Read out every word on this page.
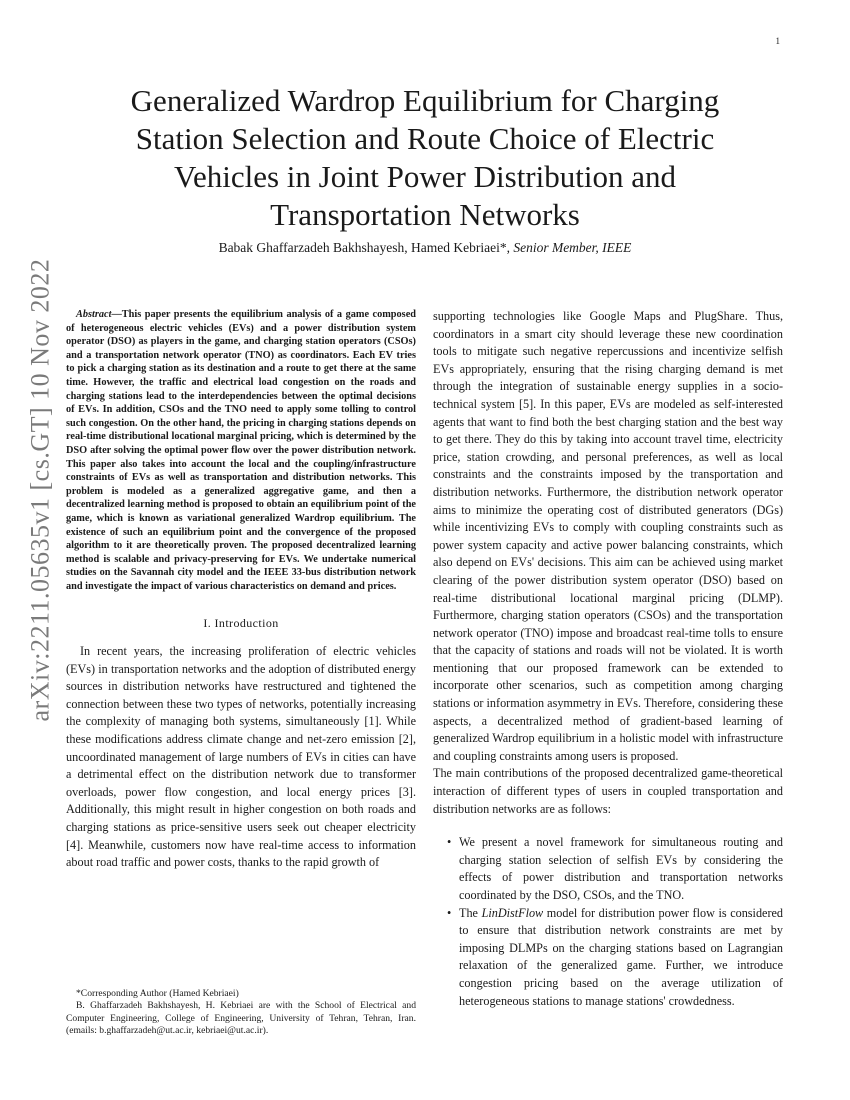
1
arXiv:2211.05635v1 [cs.GT] 10 Nov 2022
Generalized Wardrop Equilibrium for Charging
Station Selection and Route Choice of Electric
Vehicles in Joint Power Distribution and
Transportation Networks
Babak Ghaffarzadeh Bakhshayesh, Hamed Kebriaei*, Senior Member, IEEE

Abstract—This paper presents the equilibrium analysis of a game composed of heterogeneous electric vehicles (EVs) and a power distribution system operator (DSO) as players in the game, and charging station operators (CSOs) and a transportation network operator (TNO) as coordinators. Each EV tries to pick a charging station as its destination and a route to get there at the same time. However, the traffic and electrical load congestion on the roads and charging stations lead to the interdependencies between the optimal decisions of EVs. In addition, CSOs and the TNO need to apply some tolling to control such congestion. On the other hand, the pricing in charging stations depends on real-time distributional locational marginal pricing, which is determined by the DSO after solving the optimal power flow over the power distribution network. This paper also takes into account the local and the coupling/infrastructure constraints of EVs as well as transportation and distribution networks. This problem is modeled as a generalized aggregative game, and then a decentralized learning method is proposed to obtain an equilibrium point of the game, which is known as variational generalized Wardrop equilibrium. The existence of such an equilibrium point and the convergence of the proposed algorithm to it are theoretically proven. The proposed decentralized learning method is scalable and privacy-preserving for EVs. We undertake numerical studies on the Savannah city model and the IEEE 33-bus distribution network and investigate the impact of various characteristics on demand and prices.

I. Introduction

In recent years, the increasing proliferation of electric vehicles (EVs) in transportation networks and the adoption of distributed energy sources in distribution networks have restructured and tightened the connection between these two types of networks, potentially increasing the complexity of managing both systems, simultaneously [1]. While these modifications address climate change and net-zero emission [2], uncoordinated management of large numbers of EVs in cities can have a detrimental effect on the distribution network due to transformer overloads, power flow congestion, and local energy prices [3]. Additionally, this might result in higher congestion on both roads and charging stations as price-sensitive users seek out cheaper electricity [4]. Meanwhile, customers now have real-time access to information about road traffic and power costs, thanks to the rapid growth of

*Corresponding Author (Hamed Kebriaei)

B. Ghaffarzadeh Bakhshayesh, H. Kebriaei are with the School of Electrical and Computer Engineering, College of Engineering, University of Tehran, Tehran, Iran. (emails: b.ghaffarzadeh@ut.ac.ir, kebriaei@ut.ac.ir).

supporting technologies like Google Maps and PlugShare. Thus, coordinators in a smart city should leverage these new coordination tools to mitigate such negative repercussions and incentivize selfish EVs appropriately, ensuring that the rising charging demand is met through the integration of sustainable energy supplies in a socio-technical system [5]. In this paper, EVs are modeled as self-interested agents that want to find both the best charging station and the best way to get there. They do this by taking into account travel time, electricity price, station crowding, and personal preferences, as well as local constraints and the constraints imposed by the transportation and distribution networks. Furthermore, the distribution network operator aims to minimize the operating cost of distributed generators (DGs) while incentivizing EVs to comply with coupling constraints such as power system capacity and active power balancing constraints, which also depend on EVs' decisions. This aim can be achieved using market clearing of the power distribution system operator (DSO) based on real-time distributional locational marginal pricing (DLMP). Furthermore, charging station operators (CSOs) and the transportation network operator (TNO) impose and broadcast real-time tolls to ensure that the capacity of stations and roads will not be violated. It is worth mentioning that our proposed framework can be extended to incorporate other scenarios, such as competition among charging stations or information asymmetry in EVs. Therefore, considering these aspects, a decentralized method of gradient-based learning of generalized Wardrop equilibrium in a holistic model with infrastructure and coupling constraints among users is proposed.

The main contributions of the proposed decentralized game-theoretical interaction of different types of users in coupled transportation and distribution networks are as follows:

• We present a novel framework for simultaneous routing and charging station selection of selfish EVs by considering the effects of power distribution and transportation networks coordinated by the DSO, CSOs, and the TNO.
• The LinDistFlow model for distribution power flow is considered to ensure that distribution network constraints are met by imposing DLMPs on the charging stations based on Lagrangian relaxation of the generalized game. Further, we introduce congestion pricing based on the average utilization of heterogeneous stations to manage stations' crowdedness.
